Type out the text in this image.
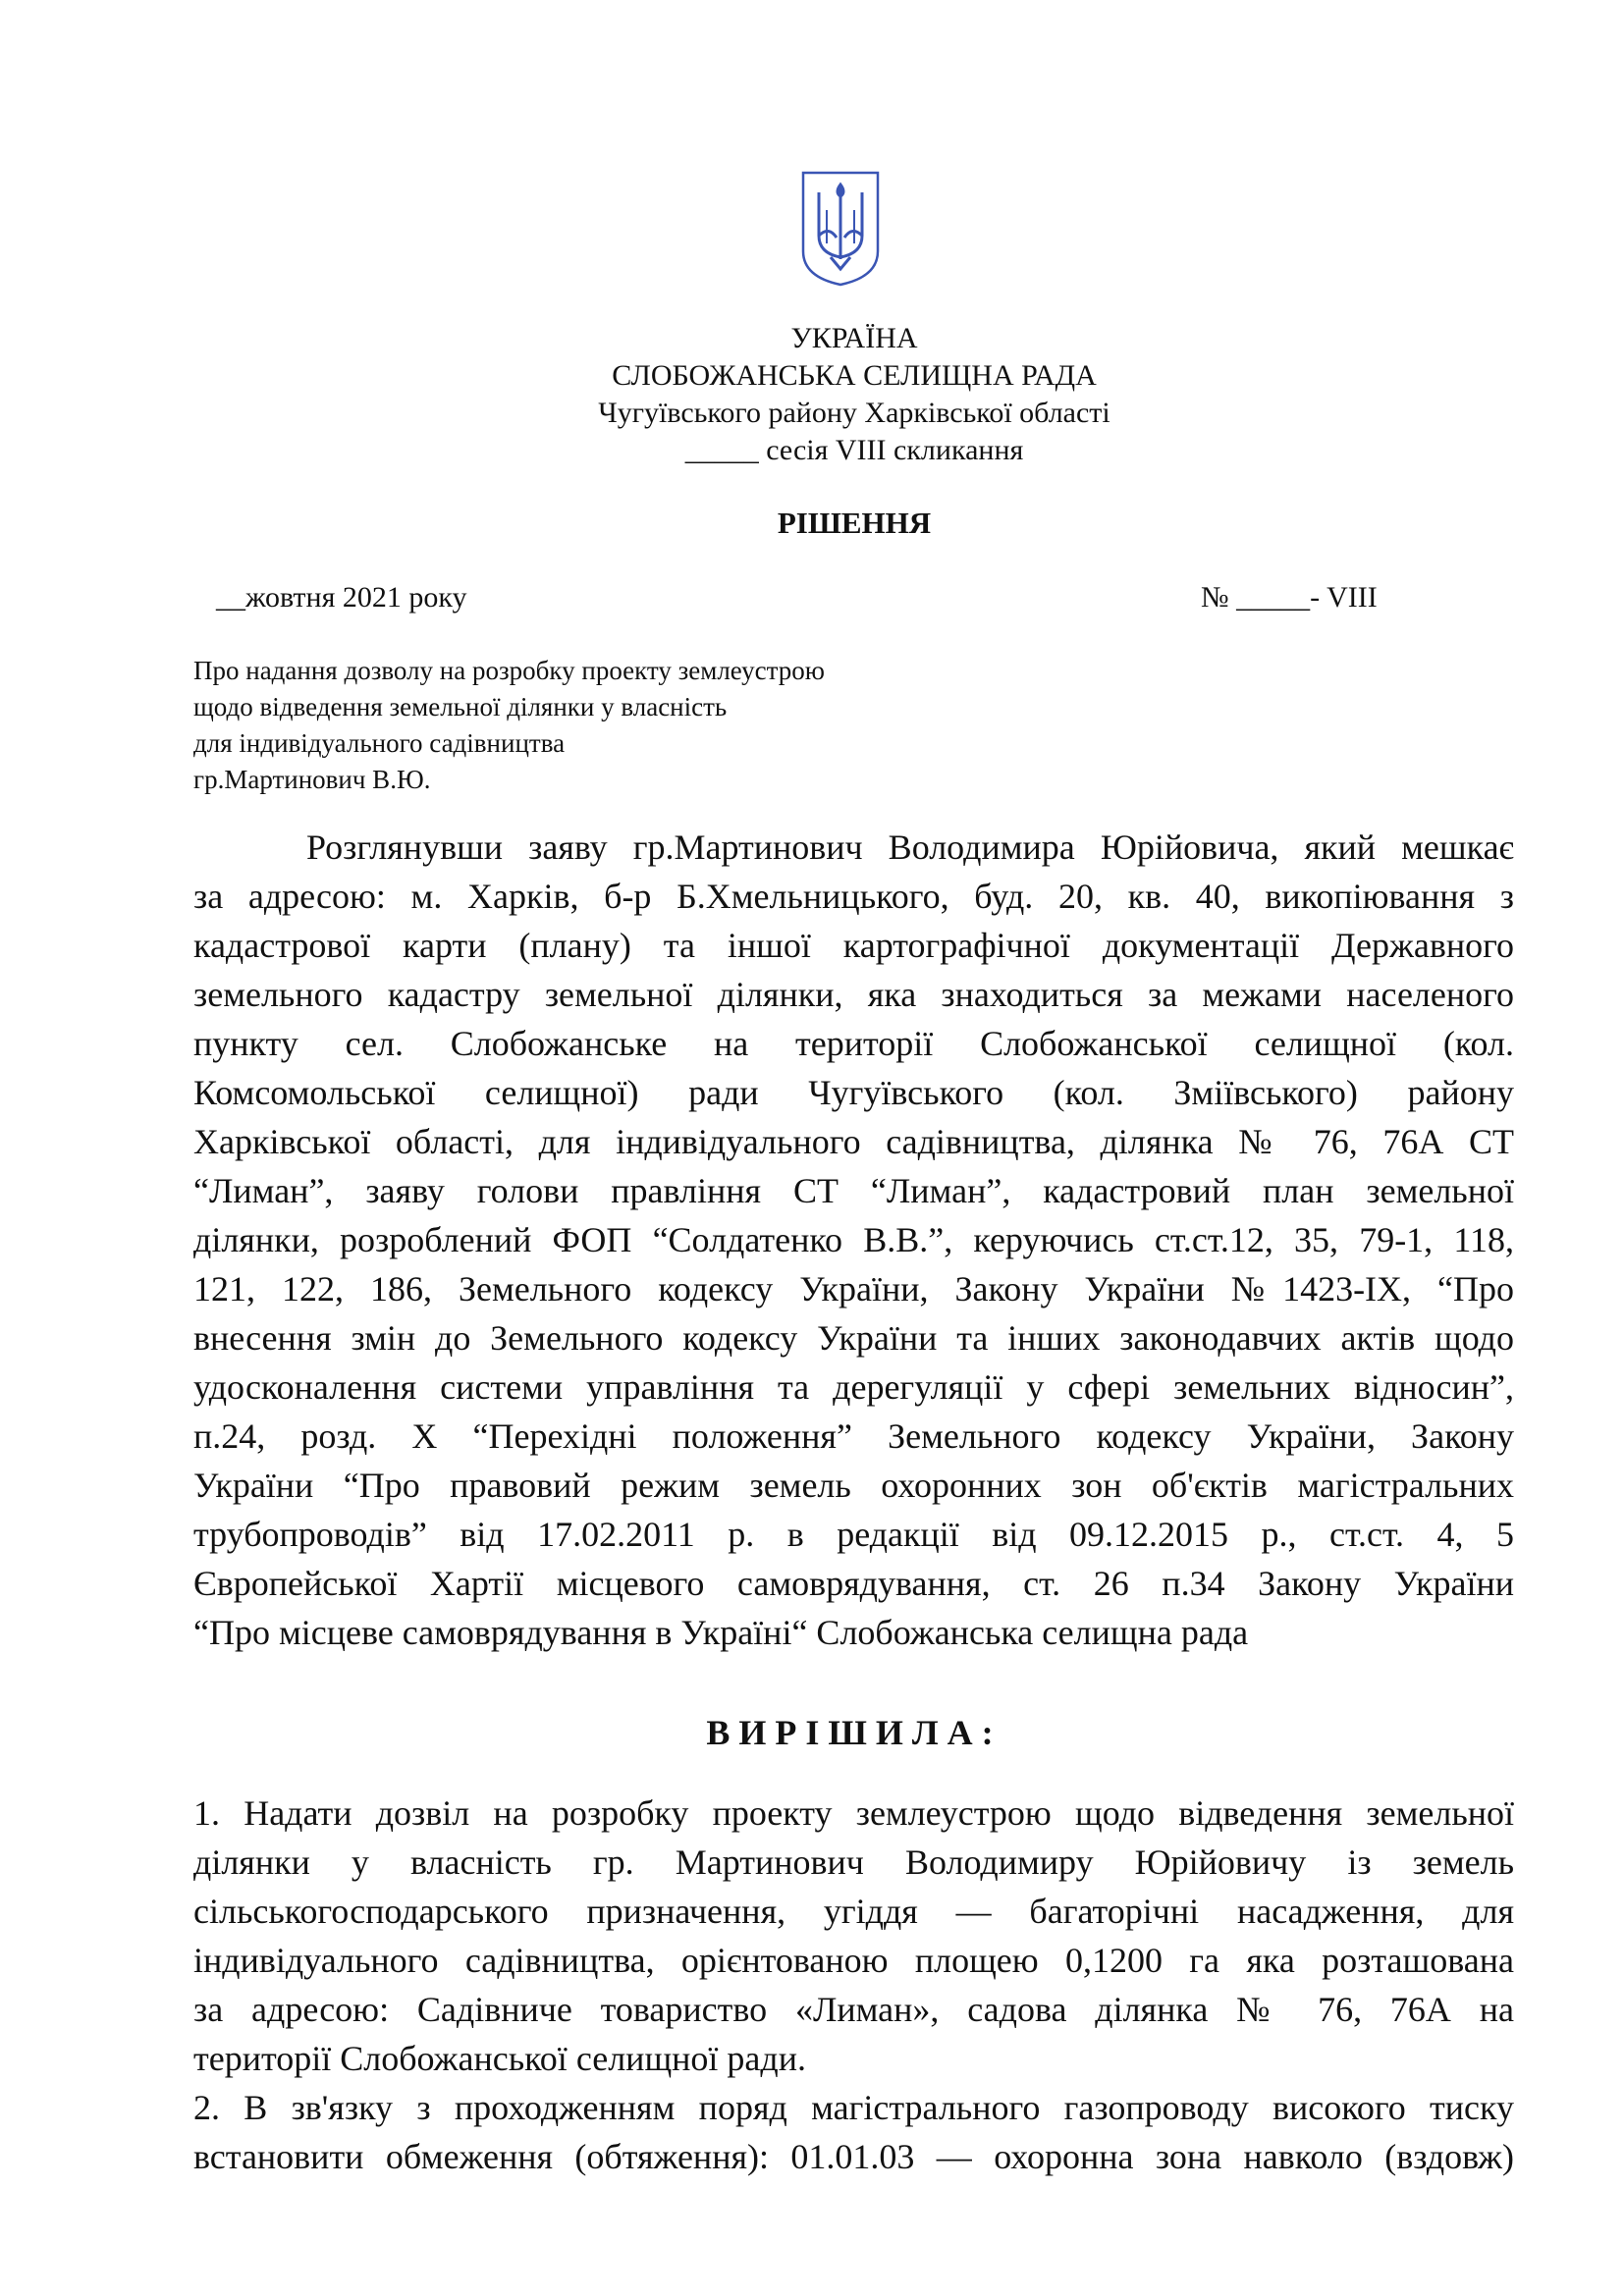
УКРАЇНА
СЛОБОЖАНСЬКА СЕЛИЩНА РАДА
Чугуївського району Харківської області
_____ сесія VIII скликання
РІШЕННЯ
__жовтня 2021 року	№ _____- VIII
Про надання дозволу на розробку проекту землеустрою
щодо відведення земельної ділянки у власність
для індивідуального садівництва
гр.Мартинович В.Ю.
Розглянувши заяву гр.Мартинович Володимира Юрійовича, який мешкає
за адресою: м. Харків, б-р Б.Хмельницького, буд. 20, кв. 40, викопіювання з
кадастрової карти (плану) та іншої картографічної документації Державного
земельного кадастру земельної ділянки, яка знаходиться за межами населеного
пункту сел. Слобожанське на території Слобожанської селищної (кол.
Комсомольської селищної) ради Чугуївського (кол. Зміївського) району
Харківської області, для індивідуального садівництва, ділянка № 76, 76А СТ
“Лиман”, заяву голови правління СТ “Лиман”, кадастровий план земельної
ділянки, розроблений ФОП “Солдатенко В.В.”, керуючись ст.ст.12, 35, 79-1, 118,
121, 122, 186, Земельного кодексу України, Закону України №1423-IX, “Про
внесення змін до Земельного кодексу України та інших законодавчих актів щодо
удосконалення системи управління та дерегуляції у сфері земельних відносин”,
п.24, розд. Х “Перехідні положення” Земельного кодексу України, Закону
України “Про правовий режим земель охоронних зон об'єктів магістральних
трубопроводів” від 17.02.2011 р. в редакції від 09.12.2015 р., ст.ст. 4, 5
Європейської Хартії місцевого самоврядування, ст. 26 п.34 Закону України
“Про місцеве самоврядування в Україні“ Слобожанська селищна рада
ВИРІШИЛА:
1. Надати дозвіл на розробку проекту землеустрою щодо відведення земельної
ділянки у власність гр. Мартинович Володимиру Юрійовичу із земель
сільськогосподарського призначення, угіддя — багаторічні насадження, для
індивідуального садівництва, орієнтованою площею 0,1200 га яка розташована
за адресою: Садівниче товариство «Лиман», садова ділянка № 76, 76А на
території Слобожанської селищної ради.
2. В зв'язку з проходженням поряд магістрального газопроводу високого тиску
встановити обмеження (обтяження): 01.01.03 — охоронна зона навколо (вздовж)
